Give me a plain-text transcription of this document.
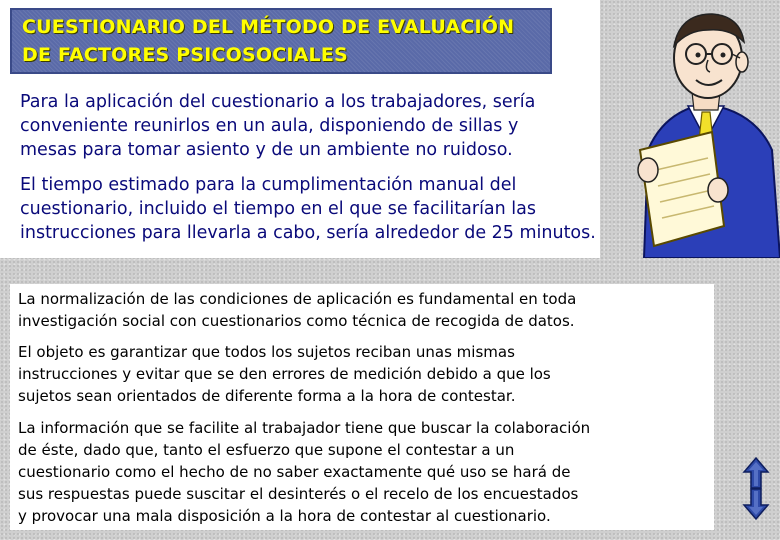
CUESTIONARIO DEL MÉTODO DE EVALUACIÓN

DE FACTORES PSICOSOCIALES

Para la aplicación del cuestionario a los trabajadores, sería
conveniente reunirlos en un aula, disponiendo de sillas y
mesas para tomar asiento y de un ambiente no ruidoso.

El tiempo estimado para la cumplimentación manual del
cuestionario, incluido el tiempo en el que se facilitarían las
instrucciones para llevarla a cabo, sería alrededor de 25 minutos.

La normalización de las condiciones de aplicación es fundamental en toda
investigación social con cuestionarios como técnica de recogida de datos.

El objeto es garantizar que todos los sujetos reciban unas mismas
instrucciones y evitar que se den errores de medición debido a que los
sujetos sean orientados de diferente forma a la hora de contestar.

La información que se facilite al trabajador tiene que buscar la colaboración
de éste, dado que, tanto el esfuerzo que supone el contestar a un
cuestionario como el hecho de no saber exactamente qué uso se hará de
sus respuestas puede suscitar el desinterés o el recelo de los encuestados
y provocar una mala disposición a la hora de contestar al cuestionario.
